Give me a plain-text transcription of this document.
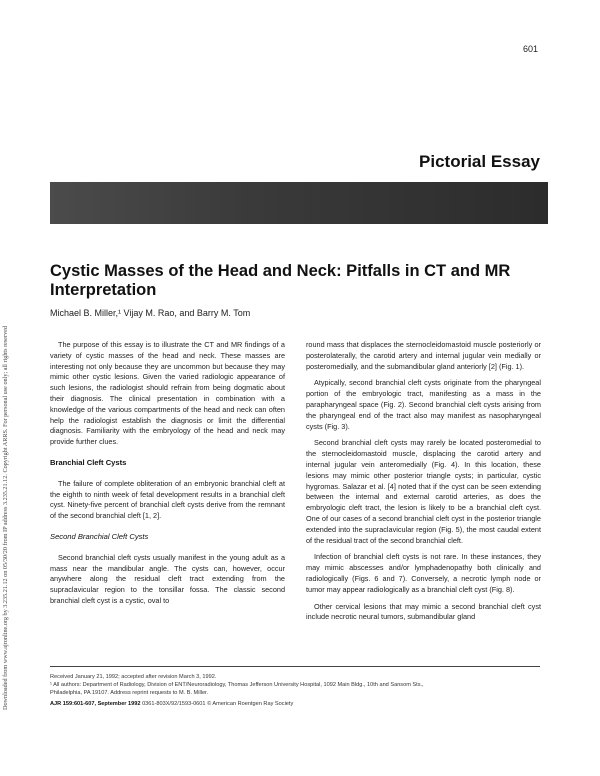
Downloaded from www.ajronline.org by 3.235.21.12 on 05/30/20 from IP address 3.235.21.12. Copyright ARRS. For personal use only; all rights reserved
601
Pictorial Essay
Cystic Masses of the Head and Neck: Pitfalls in CT and MR Interpretation
Michael B. Miller,¹ Vijay M. Rao, and Barry M. Tom

The purpose of this essay is to illustrate the CT and MR findings of a variety of cystic masses of the head and neck. These masses are interesting not only because they are uncommon but because they may mimic other cystic lesions. Given the varied radiologic appearance of such lesions, the radiologist should refrain from being dogmatic about their diagnosis. The clinical presentation in combination with a knowledge of the various compartments of the head and neck can often help the radiologist establish the diagnosis or limit the differential diagnosis. Familiarity with the embryology of the head and neck may provide further clues.

Branchial Cleft Cysts

The failure of complete obliteration of an embryonic branchial cleft at the eighth to ninth week of fetal development results in a branchial cleft cyst. Ninety-five percent of branchial cleft cysts derive from the remnant of the second branchial cleft [1, 2].

Second Branchial Cleft Cysts

Second branchial cleft cysts usually manifest in the young adult as a mass near the mandibular angle. The cysts can, however, occur anywhere along the residual cleft tract extending from the supraclavicular region to the tonsillar fossa. The classic second branchial cleft cyst is a cystic, oval to

round mass that displaces the sternocleidomastoid muscle posteriorly or posterolaterally, the carotid artery and internal jugular vein medially or posteromedially, and the submandibular gland anteriorly [2] (Fig. 1).

Atypically, second branchial cleft cysts originate from the pharyngeal portion of the embryologic tract, manifesting as a mass in the parapharyngeal space (Fig. 2). Second branchial cleft cysts arising from the pharyngeal end of the tract also may manifest as nasopharyngeal cysts (Fig. 3).

Second branchial cleft cysts may rarely be located posteromedial to the sternocleidomastoid muscle, displacing the carotid artery and internal jugular vein anteromedially (Fig. 4). In this location, these lesions may mimic other posterior triangle cysts; in particular, cystic hygromas. Salazar et al. [4] noted that if the cyst can be seen extending between the internal and external carotid arteries, as does the embryologic cleft tract, the lesion is likely to be a branchial cleft cyst. One of our cases of a second branchial cleft cyst in the posterior triangle extended into the supraclavicular region (Fig. 5), the most caudal extent of the residual tract of the second branchial cleft.

Infection of branchial cleft cysts is not rare. In these instances, they may mimic abscesses and/or lymphadenopathy both clinically and radiologically (Figs. 6 and 7). Conversely, a necrotic lymph node or tumor may appear radiologically as a branchial cleft cyst (Fig. 8).

Other cervical lesions that may mimic a second branchial cleft cyst include necrotic neural tumors, submandibular gland

Received January 21, 1992; accepted after revision March 3, 1992.
¹ All authors: Department of Radiology, Division of ENT/Neuroradiology, Thomas Jefferson University Hospital, 1092 Main Bldg., 10th and Sansom Sts.,
Philadelphia, PA 19107. Address reprint requests to M. B. Miller.
AJR 159:601-607, September 1992 0361-803X/92/1593-0601 © American Roentgen Ray Society
